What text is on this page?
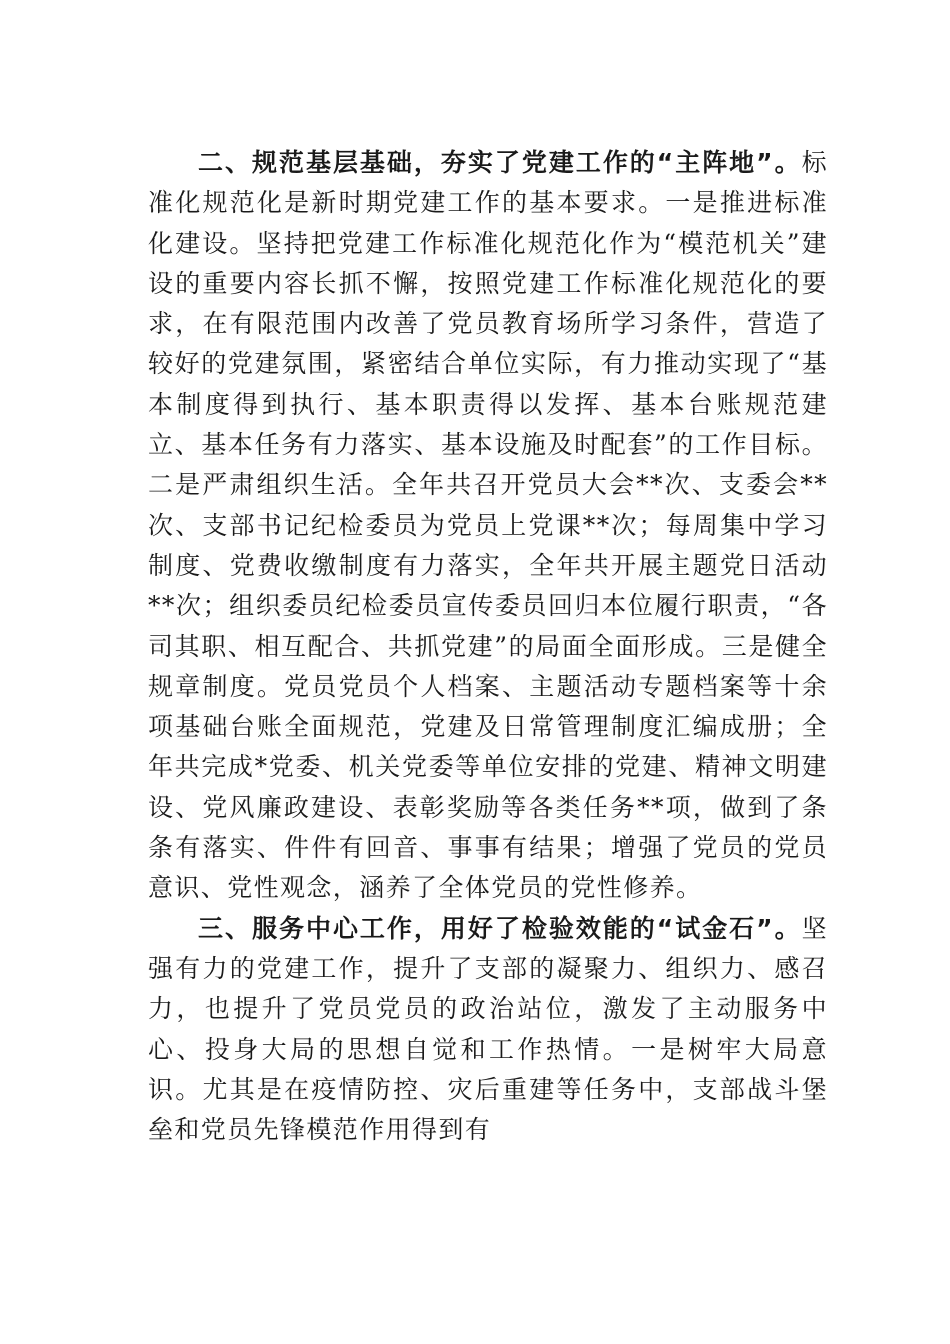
二、规范基层基础，夯实了党建工作的“主阵地”。标准化规范化是新时期党建工作的基本要求。一是推进标准化建设。坚持把党建工作标准化规范化作为“模范机关”建设的重要内容长抓不懈，按照党建工作标准化规范化的要求，在有限范围内改善了党员教育场所学习条件，营造了较好的党建氛围，紧密结合单位实际，有力推动实现了“基本制度得到执行、基本职责得以发挥、基本台账规范建立、基本任务有力落实、基本设施及时配套”的工作目标。二是严肃组织生活。全年共召开党员大会**次、支委会**次、支部书记纪检委员为党员上党课**次；每周集中学习制度、党费收缴制度有力落实，全年共开展主题党日活动**次；组织委员纪检委员宣传委员回归本位履行职责，“各司其职、相互配合、共抓党建”的局面全面形成。三是健全规章制度。党员党员个人档案、主题活动专题档案等十余项基础台账全面规范，党建及日常管理制度汇编成册；全年共完成*党委、机关党委等单位安排的党建、精神文明建设、党风廉政建设、表彰奖励等各类任务**项，做到了条条有落实、件件有回音、事事有结果；增强了党员的党员意识、党性观念，涵养了全体党员的党性修养。

三、服务中心工作，用好了检验效能的“试金石”。坚强有力的党建工作，提升了支部的凝聚力、组织力、感召力，也提升了党员党员的政治站位，激发了主动服务中心、投身大局的思想自觉和工作热情。一是树牢大局意识。尤其是在疫情防控、灾后重建等任务中，支部战斗堡垒和党员先锋模范作用得到有
